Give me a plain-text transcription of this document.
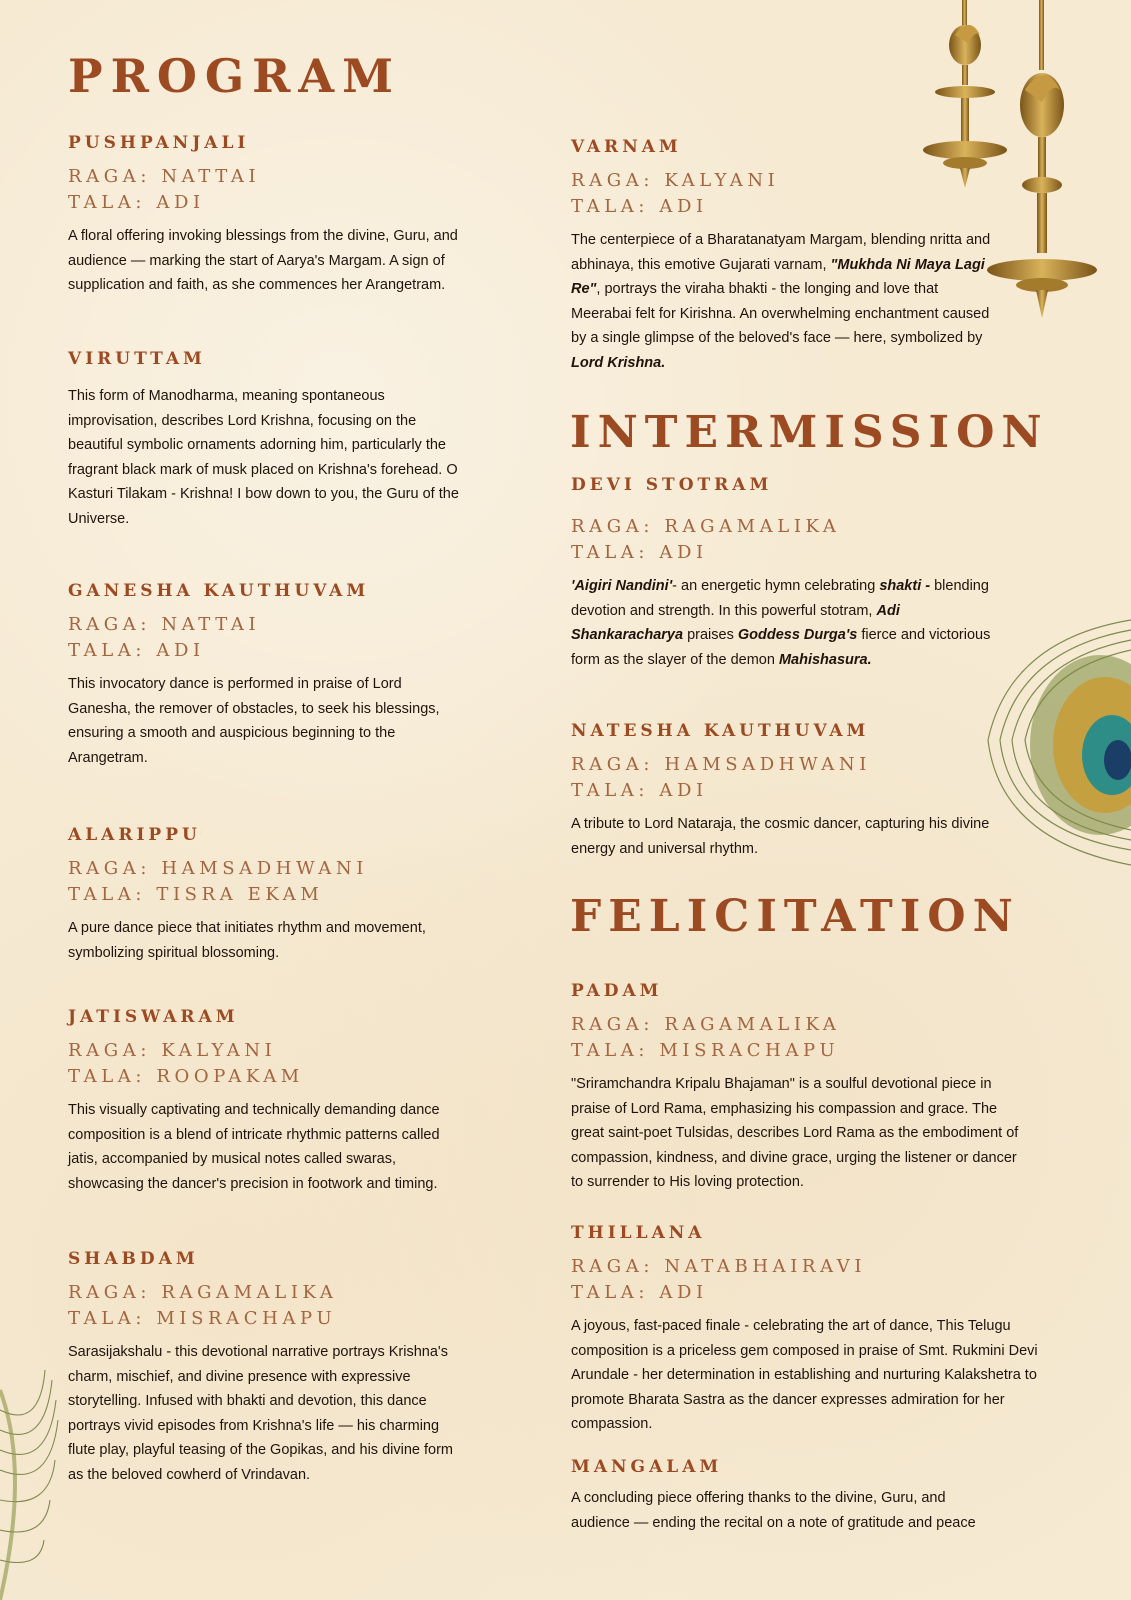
PROGRAM
PUSHPANJALI

RAGA: NATTAI

TALA: ADI

A floral offering invoking blessings from the divine, Guru, and audience — marking the start of Aarya's Margam. A sign of supplication and faith, as she commences her Arangetram.

VIRUTTAM

This form of Manodharma, meaning spontaneous improvisation, describes Lord Krishna, focusing on the beautiful symbolic ornaments adorning him, particularly the fragrant black mark of musk placed on Krishna's forehead. O Kasturi Tilakam - Krishna! I bow down to you, the Guru of the Universe.

GANESHA KAUTHUVAM

RAGA: NATTAI

TALA: ADI

This invocatory dance is performed in praise of Lord Ganesha, the remover of obstacles, to seek his blessings, ensuring a smooth and auspicious beginning to the Arangetram.

ALARIPPU

RAGA: HAMSADHWANI

TALA: TISRA EKAM

A pure dance piece that initiates rhythm and movement, symbolizing spiritual blossoming.

JATISWARAM

RAGA: KALYANI

TALA: ROOPAKAM

This visually captivating and technically demanding dance composition is a blend of intricate rhythmic patterns called jatis, accompanied by musical notes called swaras, showcasing the dancer's precision in footwork and timing.

SHABDAM

RAGA: RAGAMALIKA

TALA: MISRACHAPU

Sarasijakshalu - this devotional narrative portrays Krishna's charm, mischief, and divine presence with expressive storytelling. Infused with bhakti and devotion, this dance portrays vivid episodes from Krishna's life — his charming flute play, playful teasing of the Gopikas, and his divine form as the beloved cowherd of Vrindavan.

VARNAM

RAGA: KALYANI

TALA: ADI

The centerpiece of a Bharatanatyam Margam, blending nritta and abhinaya, this emotive Gujarati varnam, "Mukhda Ni Maya Lagi Re", portrays the viraha bhakti - the longing and love that Meerabai felt for Kirishna. An overwhelming enchantment caused by a single glimpse of the beloved's face — here, symbolized by Lord Krishna.

INTERMISSION
DEVI STOTRAM

RAGA: RAGAMALIKA

TALA: ADI

'Aigiri Nandini'- an energetic hymn celebrating shakti - blending devotion and strength. In this powerful stotram, Adi Shankaracharya praises Goddess Durga's fierce and victorious form as the slayer of the demon Mahishasura.

NATESHA KAUTHUVAM

RAGA: HAMSADHWANI

TALA: ADI

A tribute to Lord Nataraja, the cosmic dancer, capturing his divine energy and universal rhythm.

FELICITATION
PADAM

RAGA: RAGAMALIKA

TALA: MISRACHAPU

"Sriramchandra Kripalu Bhajaman" is a soulful devotional piece in praise of Lord Rama, emphasizing his compassion and grace. The great saint-poet Tulsidas, describes Lord Rama as the embodiment of compassion, kindness, and divine grace, urging the listener or dancer to surrender to His loving protection.

THILLANA

RAGA: NATABHAIRAVI

TALA: ADI

A joyous, fast-paced finale - celebrating the art of dance, This Telugu composition is a priceless gem composed in praise of Smt. Rukmini Devi Arundale - her determination in establishing and nurturing Kalakshetra to promote Bharata Sastra as the dancer expresses admiration for her compassion.

MANGALAM

A concluding piece offering thanks to the divine, Guru, and audience — ending the recital on a note of gratitude and peace
